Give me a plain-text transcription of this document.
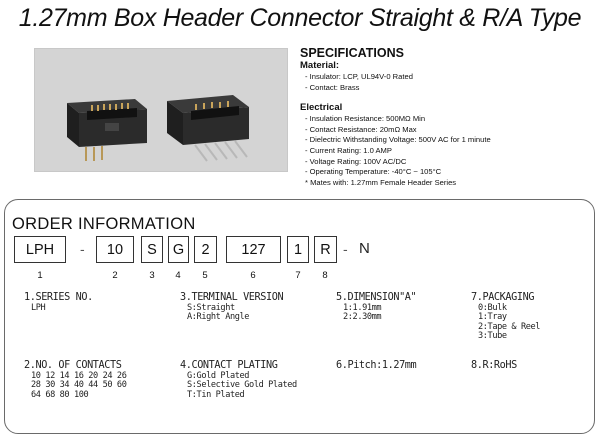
1.27mm Box Header Connector Straight & R/A Type
SPECIFICATIONS
Material:
- Insulator: LCP, UL94V-0 Rated
- Contact: Brass
Electrical
- Insulation Resistance: 500MΩ Min
- Contact Resistance: 20mΩ Max
- Dielectric Withstanding Voltage: 500V AC for 1 minute
- Current Rating: 1.0 AMP
- Voltage Rating: 100V AC/DC
- Operating Temperature: -40°C ~ 105°C
* Mates with: 1.27mm Female Header Series
ORDER INFORMATION
LPH	-	10	S	G	2	127	1	R - N
1	2	3	4	5	6	7	8
1.SERIES NO.
LPH
3.TERMINAL VERSION
S:Straight
A:Right Angle
5.DIMENSION"A"
1:1.91mm
2:2.30mm
7.PACKAGING
0:Bulk
1:Tray
2:Tape & Reel
3:Tube
2.NO. OF CONTACTS
10 12 14 16 20 24 26
28 30 34 40 44 50 60
64 68 80 100
4.CONTACT PLATING
G:Gold Plated
S:Selective Gold Plated
T:Tin Plated
6.Pitch:1.27mm	8.R:RoHS
